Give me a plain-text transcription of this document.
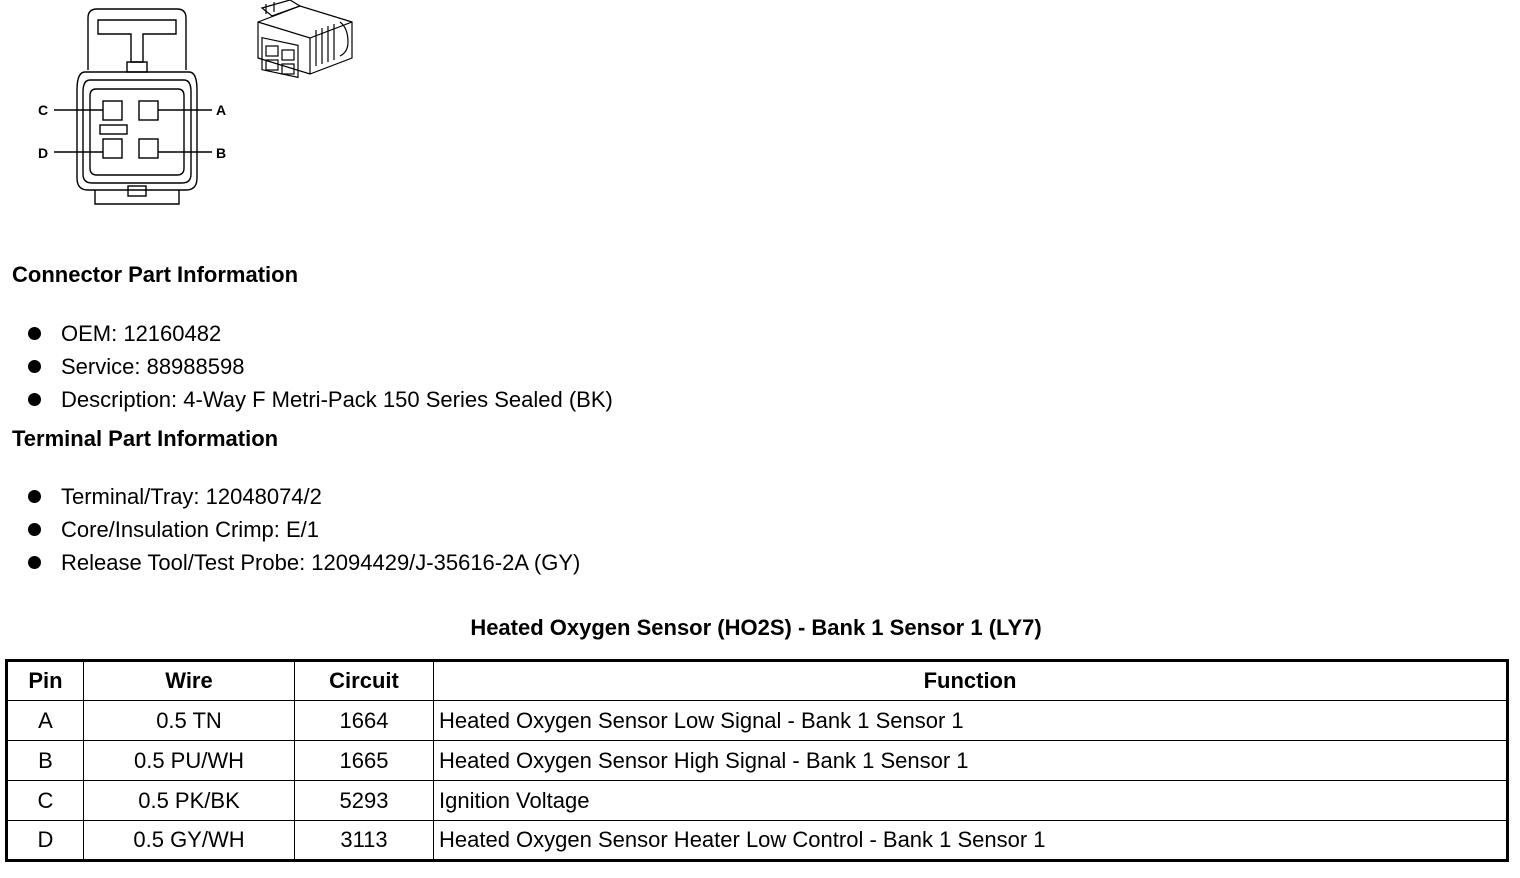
C	A
D	B
Connector Part Information
OEM: 12160482
Service: 88988598
Description: 4-Way F Metri-Pack 150 Series Sealed (BK)
Terminal Part Information
Terminal/Tray: 12048074/2
Core/Insulation Crimp: E/1
Release Tool/Test Probe: 12094429/J-35616-2A (GY)
Heated Oxygen Sensor (HO2S) - Bank 1 Sensor 1 (LY7)
Pin	Wire	Circuit	Function
A	0.5 TN	1664	Heated Oxygen Sensor Low Signal - Bank 1 Sensor 1
B	0.5 PU/WH	1665	Heated Oxygen Sensor High Signal - Bank 1 Sensor 1
C	0.5 PK/BK	5293	Ignition Voltage
D	0.5 GY/WH	3113	Heated Oxygen Sensor Heater Low Control - Bank 1 Sensor 1
